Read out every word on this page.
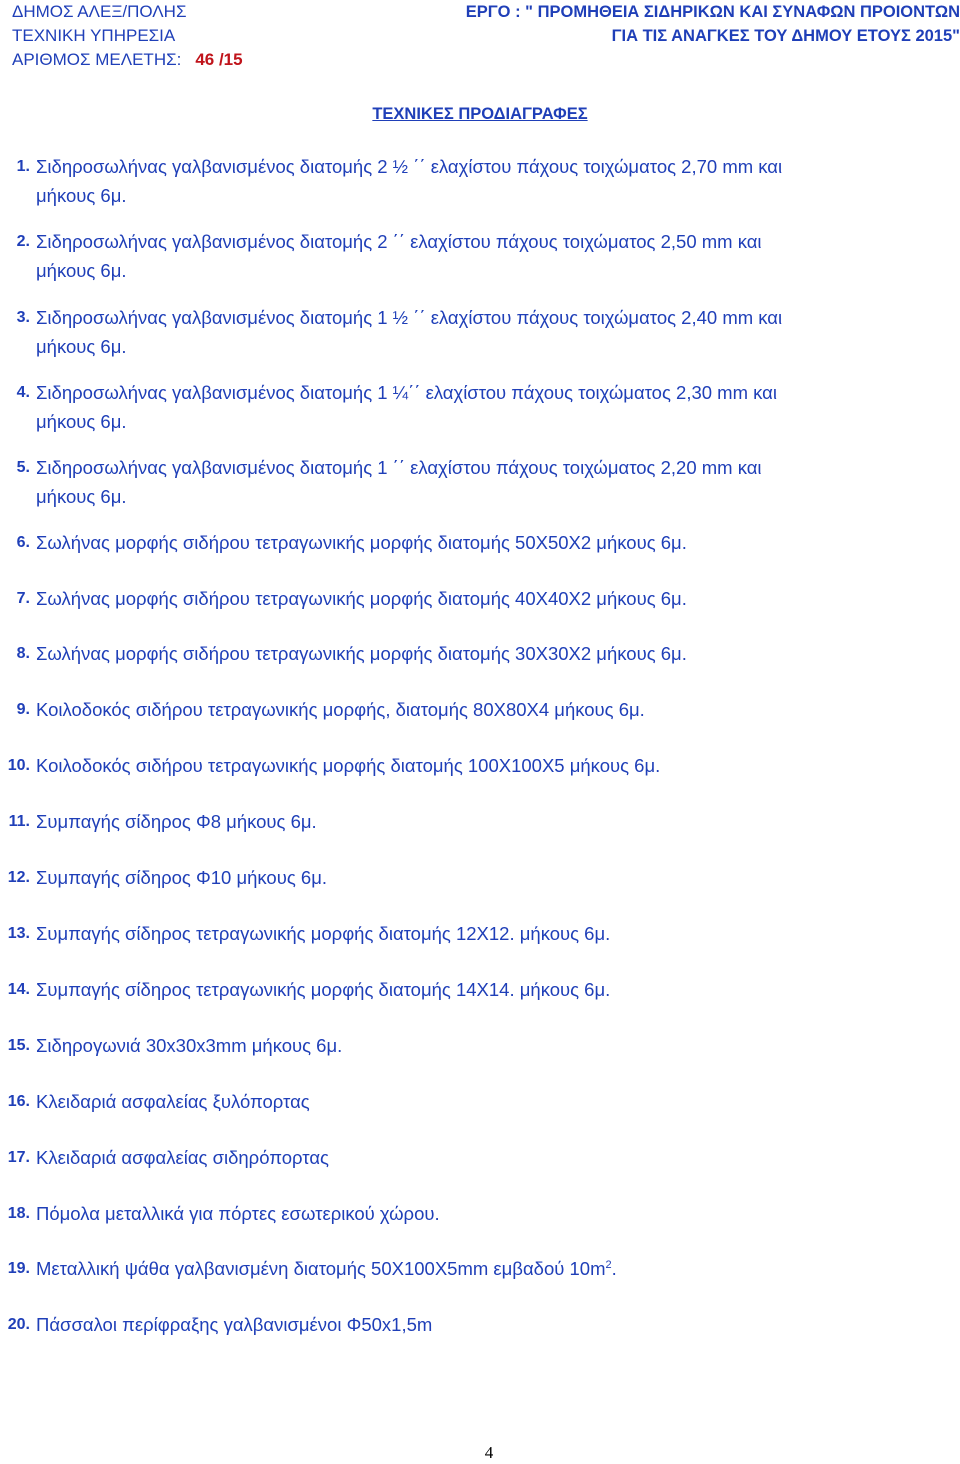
ΔΗΜΟΣ ΑΛΕΞ/ΠΟΛΗΣ
ΤΕΧΝΙΚΗ ΥΠΗΡΕΣΙΑ
ΑΡΙΘΜΟΣ ΜΕΛΕΤΗΣ: 46 /15
ΕΡΓΟ : " ΠΡΟΜΗΘΕΙΑ ΣΙΔΗΡΙΚΩΝ ΚΑΙ ΣΥΝΑΦΩΝ ΠΡΟΙΟΝΤΩΝ
ΓΙΑ ΤΙΣ ΑΝΑΓΚΕΣ ΤΟΥ ΔΗΜΟΥ ΕΤΟΥΣ 2015"
ΤΕΧΝΙΚΕΣ ΠΡΟΔΙΑΓΡΑΦΕΣ
1. Σιδηροσωλήνας γαλβανισμένος διατομής 2 ½ ΄΄ ελαχίστου πάχους τοιχώματος 2,70 mm και
μήκους 6μ.
2. Σιδηροσωλήνας γαλβανισμένος διατομής 2 ΄΄ ελαχίστου πάχους τοιχώματος 2,50 mm και
μήκους 6μ.
3. Σιδηροσωλήνας γαλβανισμένος διατομής 1 ½ ΄΄ ελαχίστου πάχους τοιχώματος 2,40 mm και
μήκους 6μ.
4. Σιδηροσωλήνας γαλβανισμένος διατομής 1 ¼΄΄ ελαχίστου πάχους τοιχώματος 2,30 mm και
μήκους 6μ.
5. Σιδηροσωλήνας γαλβανισμένος διατομής 1 ΄΄ ελαχίστου πάχους τοιχώματος 2,20 mm και
μήκους 6μ.
6. Σωλήνας μορφής σιδήρου τετραγωνικής μορφής διατομής 50Χ50Χ2 μήκους 6μ.
7. Σωλήνας μορφής σιδήρου τετραγωνικής μορφής διατομής 40Χ40Χ2 μήκους 6μ.
8. Σωλήνας μορφής σιδήρου τετραγωνικής μορφής διατομής 30Χ30Χ2 μήκους 6μ.
9. Κοιλοδοκός σιδήρου τετραγωνικής μορφής, διατομής 80Χ80Χ4 μήκους 6μ.
10. Κοιλοδοκός σιδήρου τετραγωνικής μορφής διατομής 100Χ100Χ5 μήκους 6μ.
11. Συμπαγής σίδηρος Φ8 μήκους 6μ.
12. Συμπαγής σίδηρος Φ10 μήκους 6μ.
13. Συμπαγής σίδηρος τετραγωνικής μορφής διατομής 12Χ12. μήκους 6μ.
14. Συμπαγής σίδηρος τετραγωνικής μορφής διατομής 14Χ14. μήκους 6μ.
15. Σιδηρογωνιά 30x30x3mm μήκους 6μ.
16. Κλειδαριά ασφαλείας ξυλόπορτας
17. Κλειδαριά ασφαλείας σιδηρόπορτας
18. Πόμολα μεταλλικά για πόρτες εσωτερικού χώρου.
19. Μεταλλική ψάθα γαλβανισμένη διατομής 50Χ100Χ5mm εμβαδού $10m^2$.
20. Πάσσαλοι περίφραξης γαλβανισμένοι Φ50x1,5m
4
